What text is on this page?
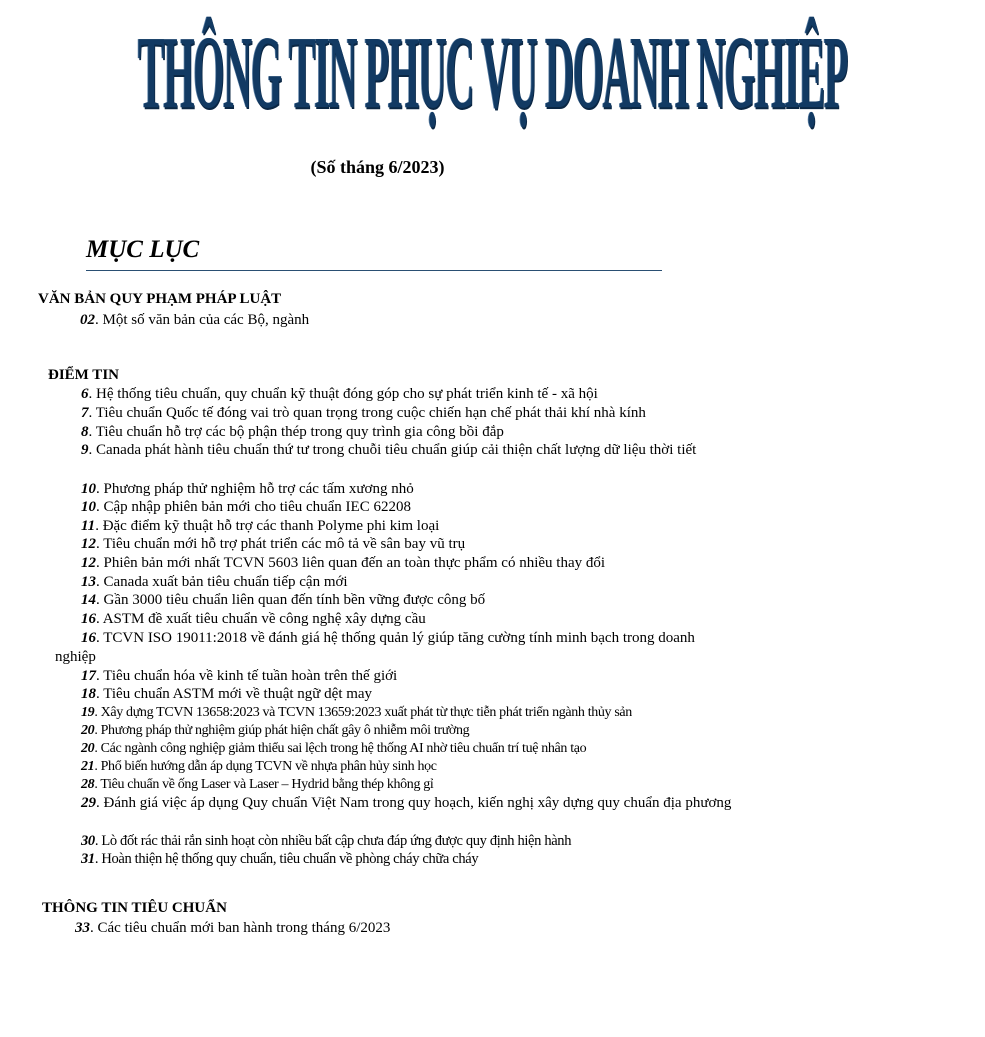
THÔNG TIN PHỤC VỤ DOANH NGHIỆP
(Số tháng 6/2023)
MỤC LỤC
VĂN BẢN QUY PHẠM PHÁP LUẬT
02. Một số văn bản của các Bộ, ngành
ĐIỂM TIN
6. Hệ thống tiêu chuẩn, quy chuẩn kỹ thuật đóng góp cho sự phát triển kinh tế - xã hội
7. Tiêu chuẩn Quốc tế đóng vai trò quan trọng trong cuộc chiến hạn chế phát thải khí nhà kính
8. Tiêu chuẩn hỗ trợ các bộ phận thép trong quy trình gia công bồi đắp
9. Canada phát hành tiêu chuẩn thứ tư trong chuỗi tiêu chuẩn giúp cải thiện chất lượng dữ liệu thời tiết
10. Phương pháp thử nghiệm hỗ trợ các tấm xương nhỏ
10. Cập nhập phiên bản mới cho tiêu chuẩn IEC 62208
11. Đặc điểm kỹ thuật hỗ trợ các thanh Polyme phi kim loại
12. Tiêu chuẩn mới hỗ trợ phát triển các mô tả về sân bay vũ trụ
12. Phiên bản mới nhất TCVN 5603 liên quan đến an toàn thực phẩm có nhiều thay đổi
13. Canada xuất bản tiêu chuẩn tiếp cận mới
14. Gần 3000 tiêu chuẩn liên quan đến tính bền vững được công bố
16. ASTM đề xuất tiêu chuẩn về công nghệ xây dựng cầu
16. TCVN ISO 19011:2018 về đánh giá hệ thống quản lý giúp tăng cường tính minh bạch trong doanh nghiệp
17. Tiêu chuẩn hóa về kinh tế tuần hoàn trên thế giới
18. Tiêu chuẩn ASTM mới về thuật ngữ dệt may
19. Xây dựng TCVN 13658:2023 và TCVN 13659:2023 xuất phát từ thực tiễn phát triển ngành thủy sản
20. Phương pháp thử nghiệm giúp phát hiện chất gây ô nhiễm môi trường
20. Các ngành công nghiệp giảm thiểu sai lệch trong hệ thống AI nhờ tiêu chuẩn trí tuệ nhân tạo
21. Phổ biến hướng dẫn áp dụng TCVN về nhựa phân hủy sinh học
28. Tiêu chuẩn về ống Laser và Laser – Hydrid bằng thép không gỉ
29. Đánh giá việc áp dụng Quy chuẩn Việt Nam trong quy hoạch, kiến nghị xây dựng quy chuẩn địa phương
30. Lò đốt rác thải rắn sinh hoạt còn nhiều bất cập chưa đáp ứng được quy định hiện hành
31. Hoàn thiện hệ thống quy chuẩn, tiêu chuẩn về phòng cháy chữa cháy
THÔNG TIN TIÊU CHUẨN
33. Các tiêu chuẩn mới ban hành trong tháng 6/2023
